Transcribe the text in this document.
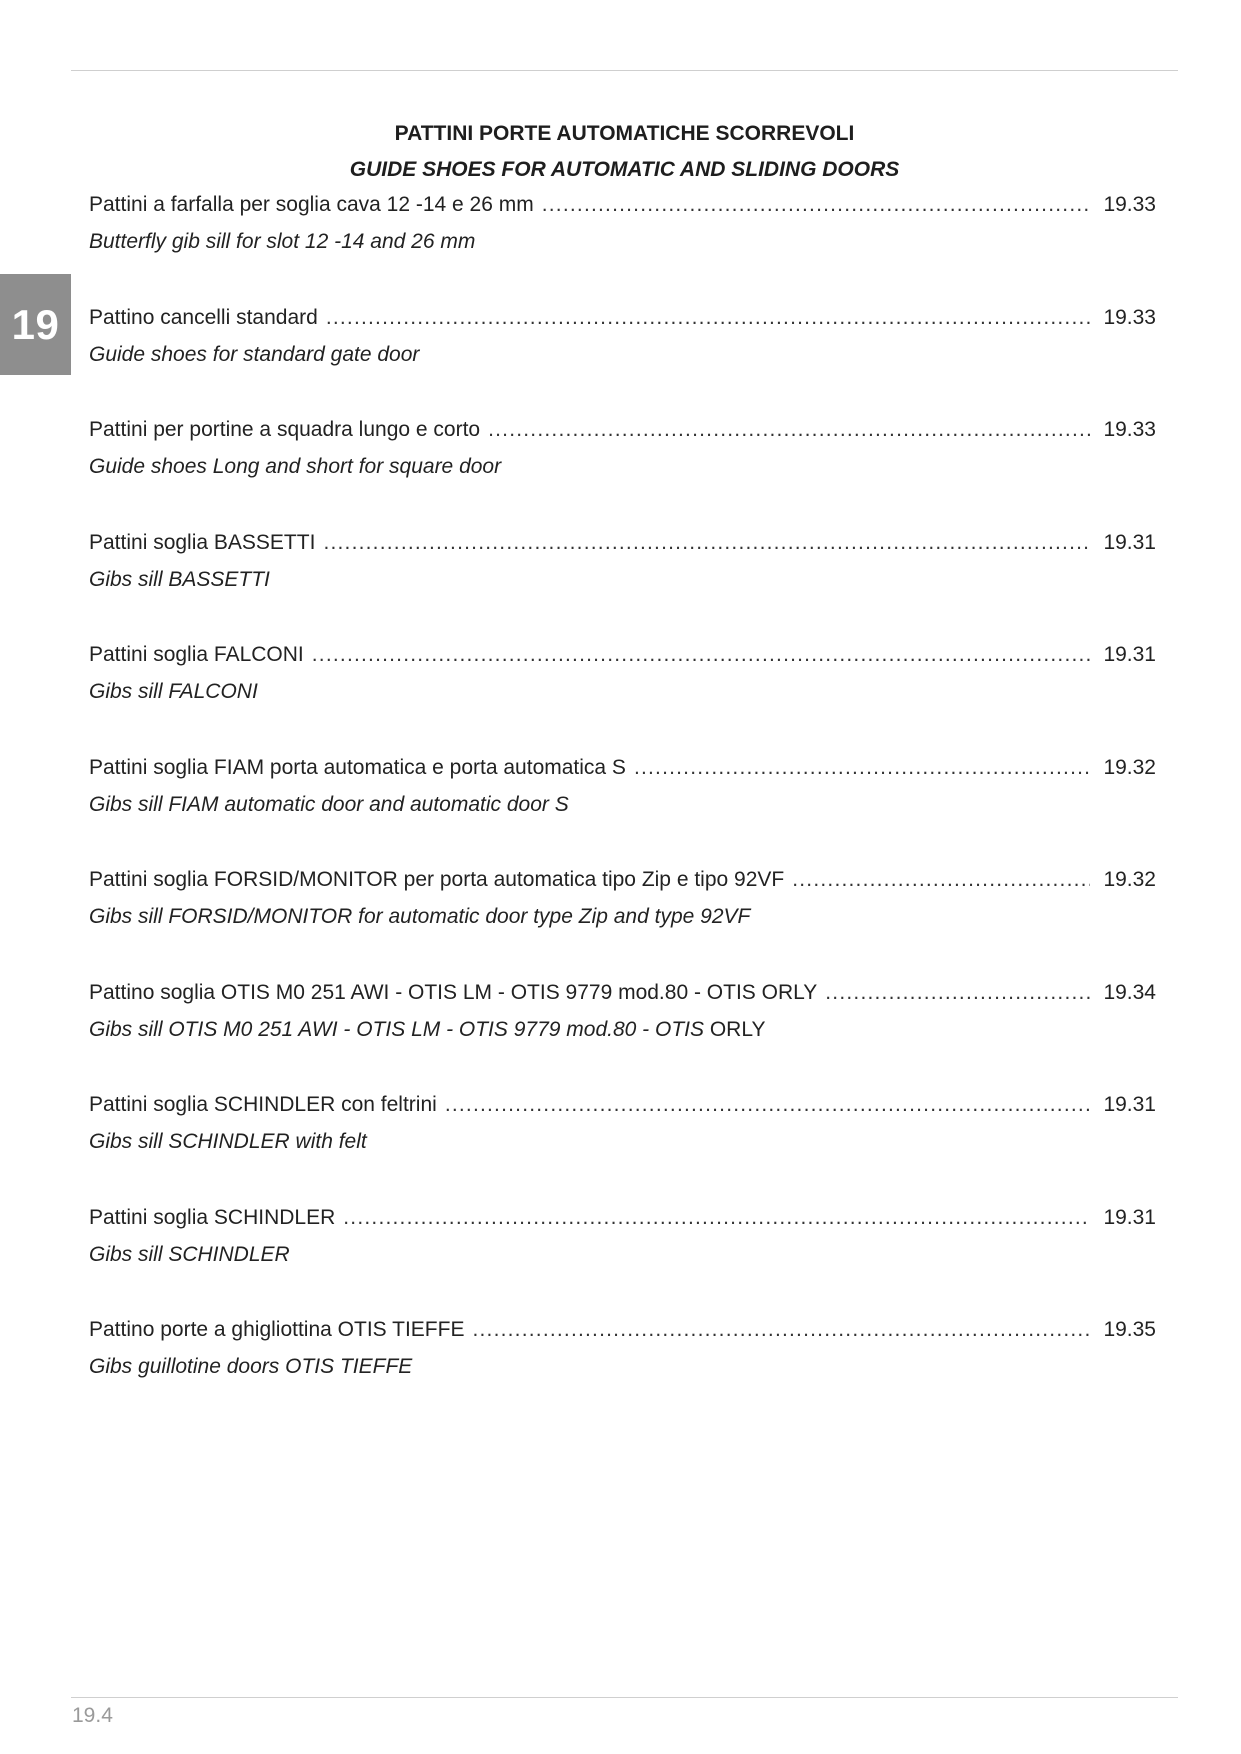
19
PATTINI PORTE AUTOMATICHE SCORREVOLI
GUIDE SHOES FOR AUTOMATIC AND SLIDING DOORS
Pattini a farfalla per soglia cava 12 -14 e 26 mm .....	19.33
Butterfly gib sill for slot 12 -14 and 26 mm
Pattino cancelli standard .....	19.33
Guide shoes for standard gate door
Pattini per portine a squadra lungo e corto .....	19.33
Guide shoes Long and short for square door
Pattini soglia BASSETTI .....	19.31
Gibs sill BASSETTI
Pattini soglia FALCONI .....	19.31
Gibs sill FALCONI
Pattini soglia FIAM porta automatica e porta automatica S .....	19.32
Gibs sill FIAM automatic door and automatic door S
Pattini soglia FORSID/MONITOR per porta automatica tipo Zip e tipo 92VF .....	19.32
Gibs sill FORSID/MONITOR for automatic door type Zip and type 92VF
Pattino soglia OTIS M0 251 AWI - OTIS LM - OTIS 9779 mod.80 - OTIS ORLY .....	19.34
Gibs sill OTIS M0 251 AWI - OTIS LM - OTIS 9779 mod.80 - OTIS ORLY
Pattini soglia SCHINDLER con feltrini .....	19.31
Gibs sill SCHINDLER with felt
Pattini soglia SCHINDLER .....	19.31
Gibs sill SCHINDLER
Pattino porte a ghigliottina OTIS TIEFFE .....	19.35
Gibs guillotine doors OTIS TIEFFE
19.4
